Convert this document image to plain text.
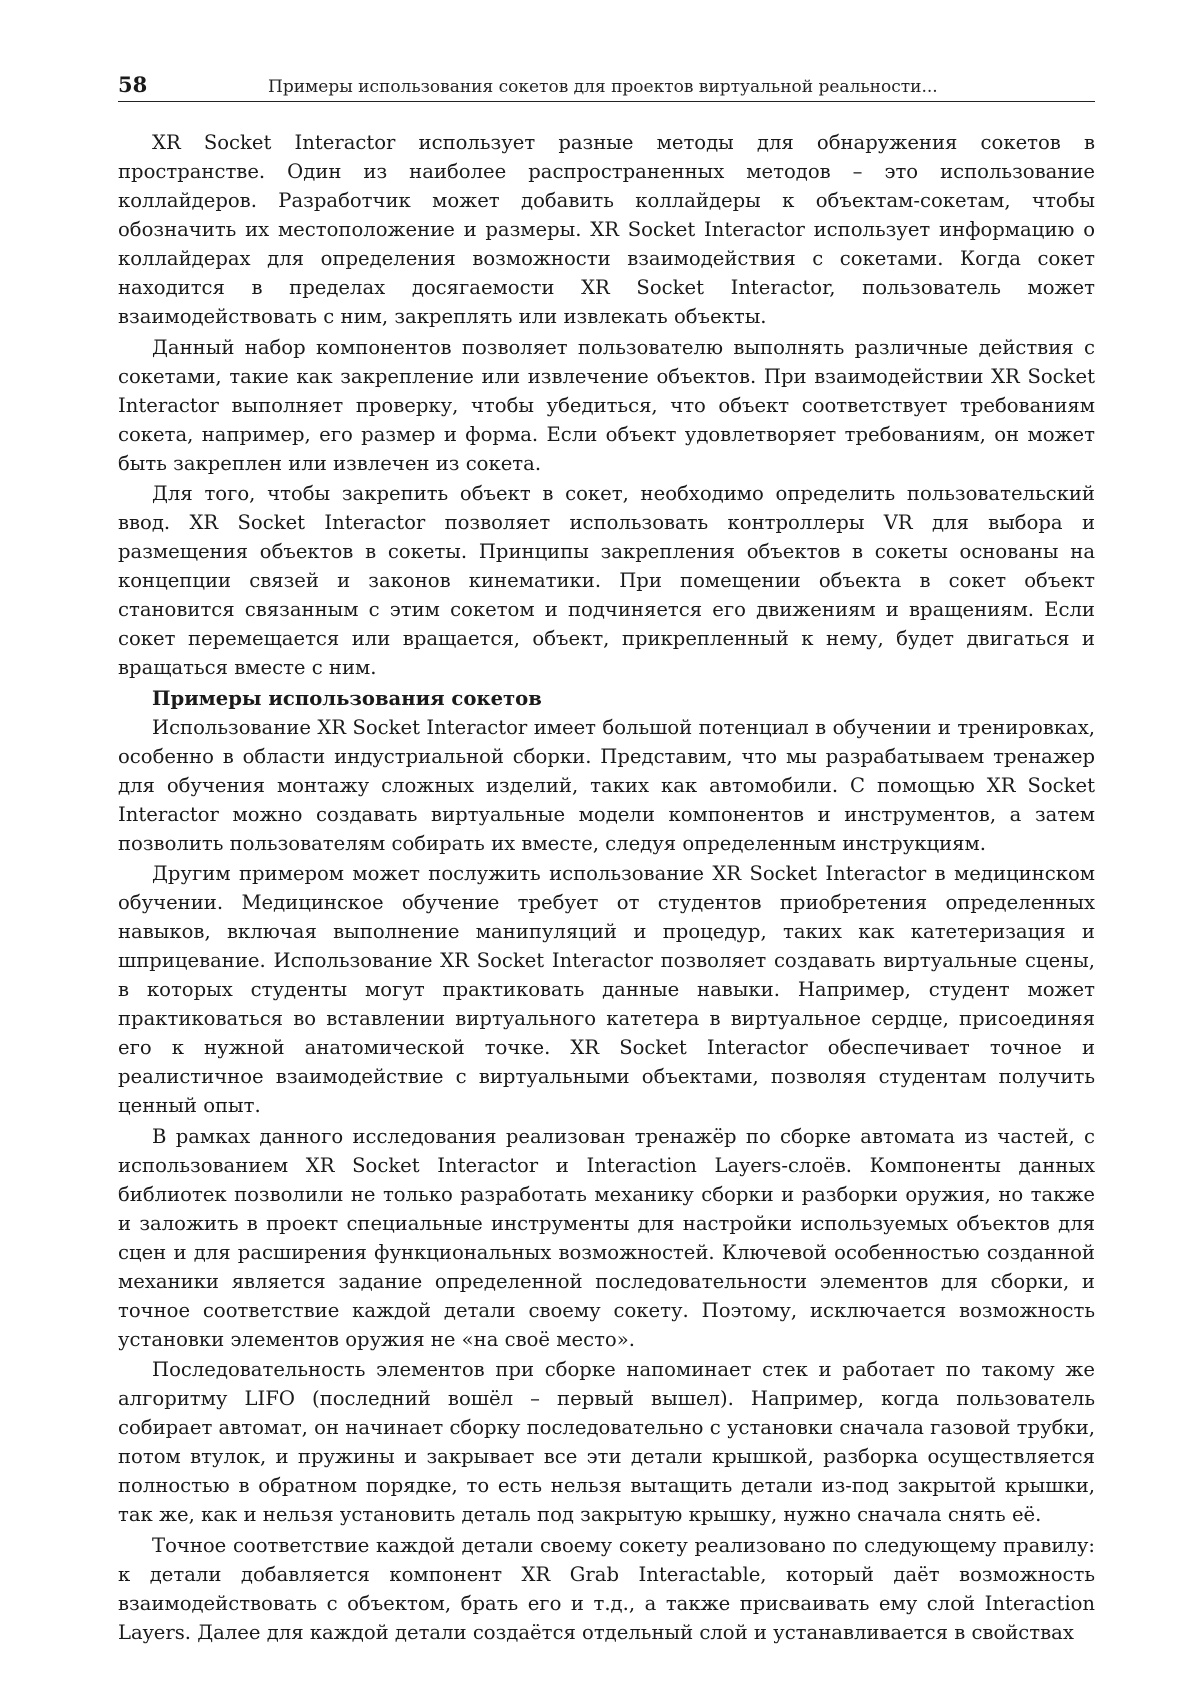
58	Примеры использования сокетов для проектов виртуальной реальности...

XR Socket Interactor использует разные методы для обнаружения сокетов в пространстве. Один из наиболее распространенных методов – это использование коллайдеров. Разработчик может добавить коллайдеры к объектам-сокетам, чтобы обозначить их местоположение и размеры. XR Socket Interactor использует информацию о коллайдерах для определения возможности взаимодействия с сокетами. Когда сокет находится в пределах досягаемости XR Socket Interactor, пользователь может взаимодействовать с ним, закреплять или извлекать объекты.

Данный набор компонентов позволяет пользователю выполнять различные действия с сокетами, такие как закрепление или извлечение объектов. При взаимодействии XR Socket Interactor выполняет проверку, чтобы убедиться, что объект соответствует требованиям сокета, например, его размер и форма. Если объект удовлетворяет требованиям, он может быть закреплен или извлечен из сокета.

Для того, чтобы закрепить объект в сокет, необходимо определить пользовательский ввод. XR Socket Interactor позволяет использовать контроллеры VR для выбора и размещения объектов в сокеты. Принципы закрепления объектов в сокеты основаны на концепции связей и законов кинематики. При помещении объекта в сокет объект становится связанным с этим сокетом и подчиняется его движениям и вращениям. Если сокет перемещается или вращается, объект, прикрепленный к нему, будет двигаться и вращаться вместе с ним.

Примеры использования сокетов

Использование XR Socket Interactor имеет большой потенциал в обучении и тренировках, особенно в области индустриальной сборки. Представим, что мы разрабатываем тренажер для обучения монтажу сложных изделий, таких как автомобили. С помощью XR Socket Interactor можно создавать виртуальные модели компонентов и инструментов, а затем позволить пользователям собирать их вместе, следуя определенным инструкциям.

Другим примером может послужить использование XR Socket Interactor в медицинском обучении. Медицинское обучение требует от студентов приобретения определенных навыков, включая выполнение манипуляций и процедур, таких как катетеризация и шприцевание. Использование XR Socket Interactor позволяет создавать виртуальные сцены, в которых студенты могут практиковать данные навыки. Например, студент может практиковаться во вставлении виртуального катетера в виртуальное сердце, присоединяя его к нужной анатомической точке. XR Socket Interactor обеспечивает точное и реалистичное взаимодействие с виртуальными объектами, позволяя студентам получить ценный опыт.

В рамках данного исследования реализован тренажёр по сборке автомата из частей, с использованием XR Socket Interactor и Interaction Layers-слоёв. Компоненты данных библиотек позволили не только разработать механику сборки и разборки оружия, но также и заложить в проект специальные инструменты для настройки используемых объектов для сцен и для расширения функциональных возможностей. Ключевой особенностью созданной механики является задание определенной последовательности элементов для сборки, и точное соответствие каждой детали своему сокету. Поэтому, исключается возможность установки элементов оружия не «на своё место».

Последовательность элементов при сборке напоминает стек и работает по такому же алгоритму LIFO (последний вошёл – первый вышел). Например, когда пользователь собирает автомат, он начинает сборку последовательно с установки сначала газовой трубки, потом втулок, и пружины и закрывает все эти детали крышкой, разборка осуществляется полностью в обратном порядке, то есть нельзя вытащить детали из-под закрытой крышки, так же, как и нельзя установить деталь под закрытую крышку, нужно сначала снять её.

Точное соответствие каждой детали своему сокету реализовано по следующему правилу: к детали добавляется компонент XR Grab Interactable, который даёт возможность взаимодействовать с объектом, брать его и т.д., а также присваивать ему слой Interaction Layers. Далее для каждой детали создаётся отдельный слой и устанавливается в свойствах
